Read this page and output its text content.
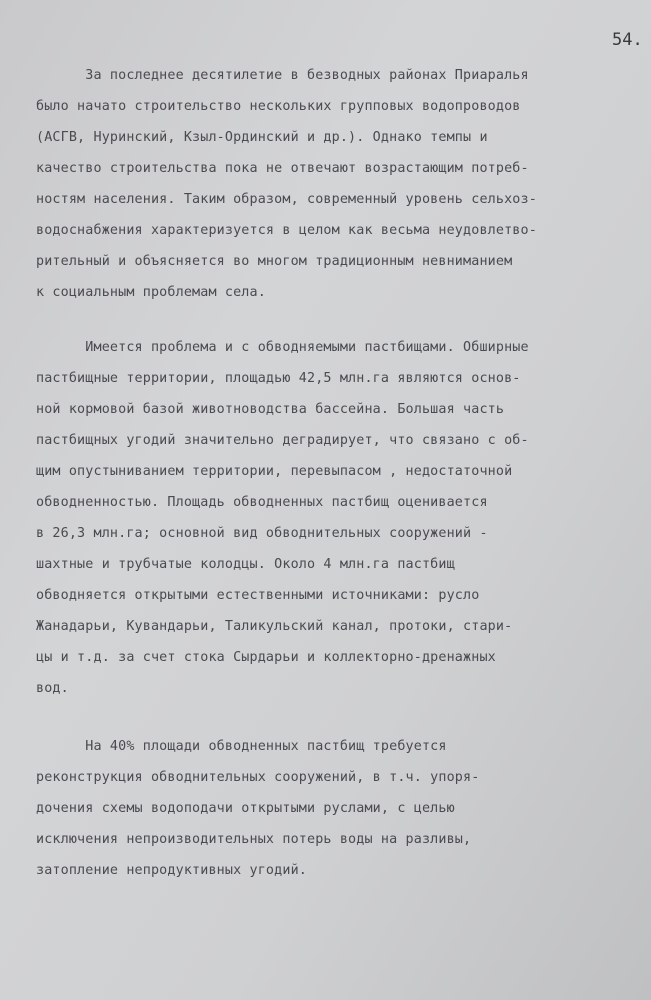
54.
За последнее десятилетие в безводных районах Приаралья
было начато строительство нескольких групповых водопроводов
(АСГВ, Нуринский, Кзыл-Ординский и др.). Однако темпы и
качество строительства пока не отвечают возрастающим потреб-
ностям населения. Таким образом, современный уровень сельхоз-
водоснабжения характеризуется в целом как весьма неудовлетво-
рительный и объясняется во многом традиционным невниманием
к социальным проблемам села.
Имеется проблема и с обводняемыми пастбищами. Обширные
пастбищные территории, площадью 42,5 млн.га являются основ-
ной кормовой базой животноводства бассейна. Большая часть
пастбищных угодий значительно деградирует, что связано с об-
щим опустыниванием территории, перевыпасом , недостаточной
обводненностью. Площадь обводненных пастбищ оценивается
в 26,3 млн.га; основной вид обводнительных сооружений -
шахтные и трубчатые колодцы. Около 4 млн.га пастбищ
обводняется открытыми естественными источниками: русло
Жанадарьи, Кувандарьи, Таликульский канал, протоки, стари-
цы и т.д. за счет стока Сырдарьи и коллекторно-дренажных
вод.
На 40% площади обводненных пастбищ требуется
реконструкция обводнительных сооружений, в т.ч. упоря-
дочения схемы водоподачи открытыми руслами, с целью
исключения непроизводительных потерь воды на разливы,
затопление непродуктивных угодий.
